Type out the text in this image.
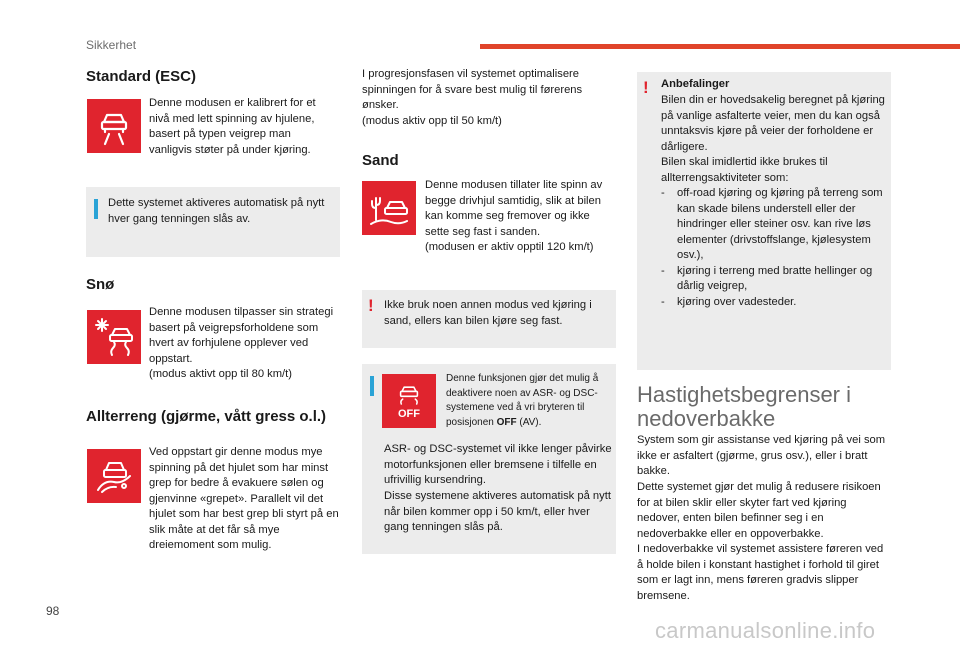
Sikkerhet
Standard (ESC)
Denne modusen er kalibrert for et nivå med lett spinning av hjulene, basert på typen veigrep man vanligvis støter på under kjøring.
Dette systemet aktiveres automatisk på nytt hver gang tenningen slås av.
Snø
Denne modusen tilpasser sin strategi basert på veigrepsforholdene som hvert av forhjulene opplever ved oppstart.
(modus aktivt opp til 80 km/t)
Allterreng (gjørme, vått gress o.l.)
Ved oppstart gir denne modus mye spinning på det hjulet som har minst grep for bedre å evakuere sølen og gjenvinne «grepet». Parallelt vil det hjulet som har best grep bli styrt på en slik måte at det får så mye dreiemoment som mulig.
I progresjonsfasen vil systemet optimalisere spinningen for å svare best mulig til førerens ønsker.
(modus aktiv opp til 50 km/t)
Sand
Denne modusen tillater lite spinn av begge drivhjul samtidig, slik at bilen kan komme seg fremover og ikke sette seg fast i sanden.
(modusen er aktiv opptil 120 km/t)
! Ikke bruk noen annen modus ved kjøring i sand, ellers kan bilen kjøre seg fast.
OFF
Denne funksjonen gjør det mulig å deaktivere noen av ASR- og DSC-systemene ved å vri bryteren til posisjonen OFF (AV).
ASR- og DSC-systemet vil ikke lenger påvirke motorfunksjonen eller bremsene i tilfelle en ufrivillig kursendring.
Disse systemene aktiveres automatisk på nytt når bilen kommer opp i 50 km/t, eller hver gang tenningen slås på.
! Anbefalinger
Bilen din er hovedsakelig beregnet på kjøring på vanlige asfalterte veier, men du kan også unntaksvis kjøre på veier der forholdene er dårligere.
Bilen skal imidlertid ikke brukes til allterrengsaktiviteter som:
- off-road kjøring og kjøring på terreng som kan skade bilens understell eller der hindringer eller steiner osv. kan rive løs elementer (drivstoffslange, kjølesystem osv.),
- kjøring i terreng med bratte hellinger og dårlig veigrep,
- kjøring over vadesteder.
Hastighetsbegrenser i
nedoverbakke
System som gir assistanse ved kjøring på vei som ikke er asfaltert (gjørme, grus osv.), eller i bratt bakke.
Dette systemet gjør det mulig å redusere risikoen for at bilen sklir eller skyter fart ved kjøring nedover, enten bilen befinner seg i en nedoverbakke eller en oppoverbakke.
I nedoverbakke vil systemet assistere føreren ved å holde bilen i konstant hastighet i forhold til giret som er lagt inn, mens føreren gradvis slipper bremsene.
98
carmanualsonline.info
